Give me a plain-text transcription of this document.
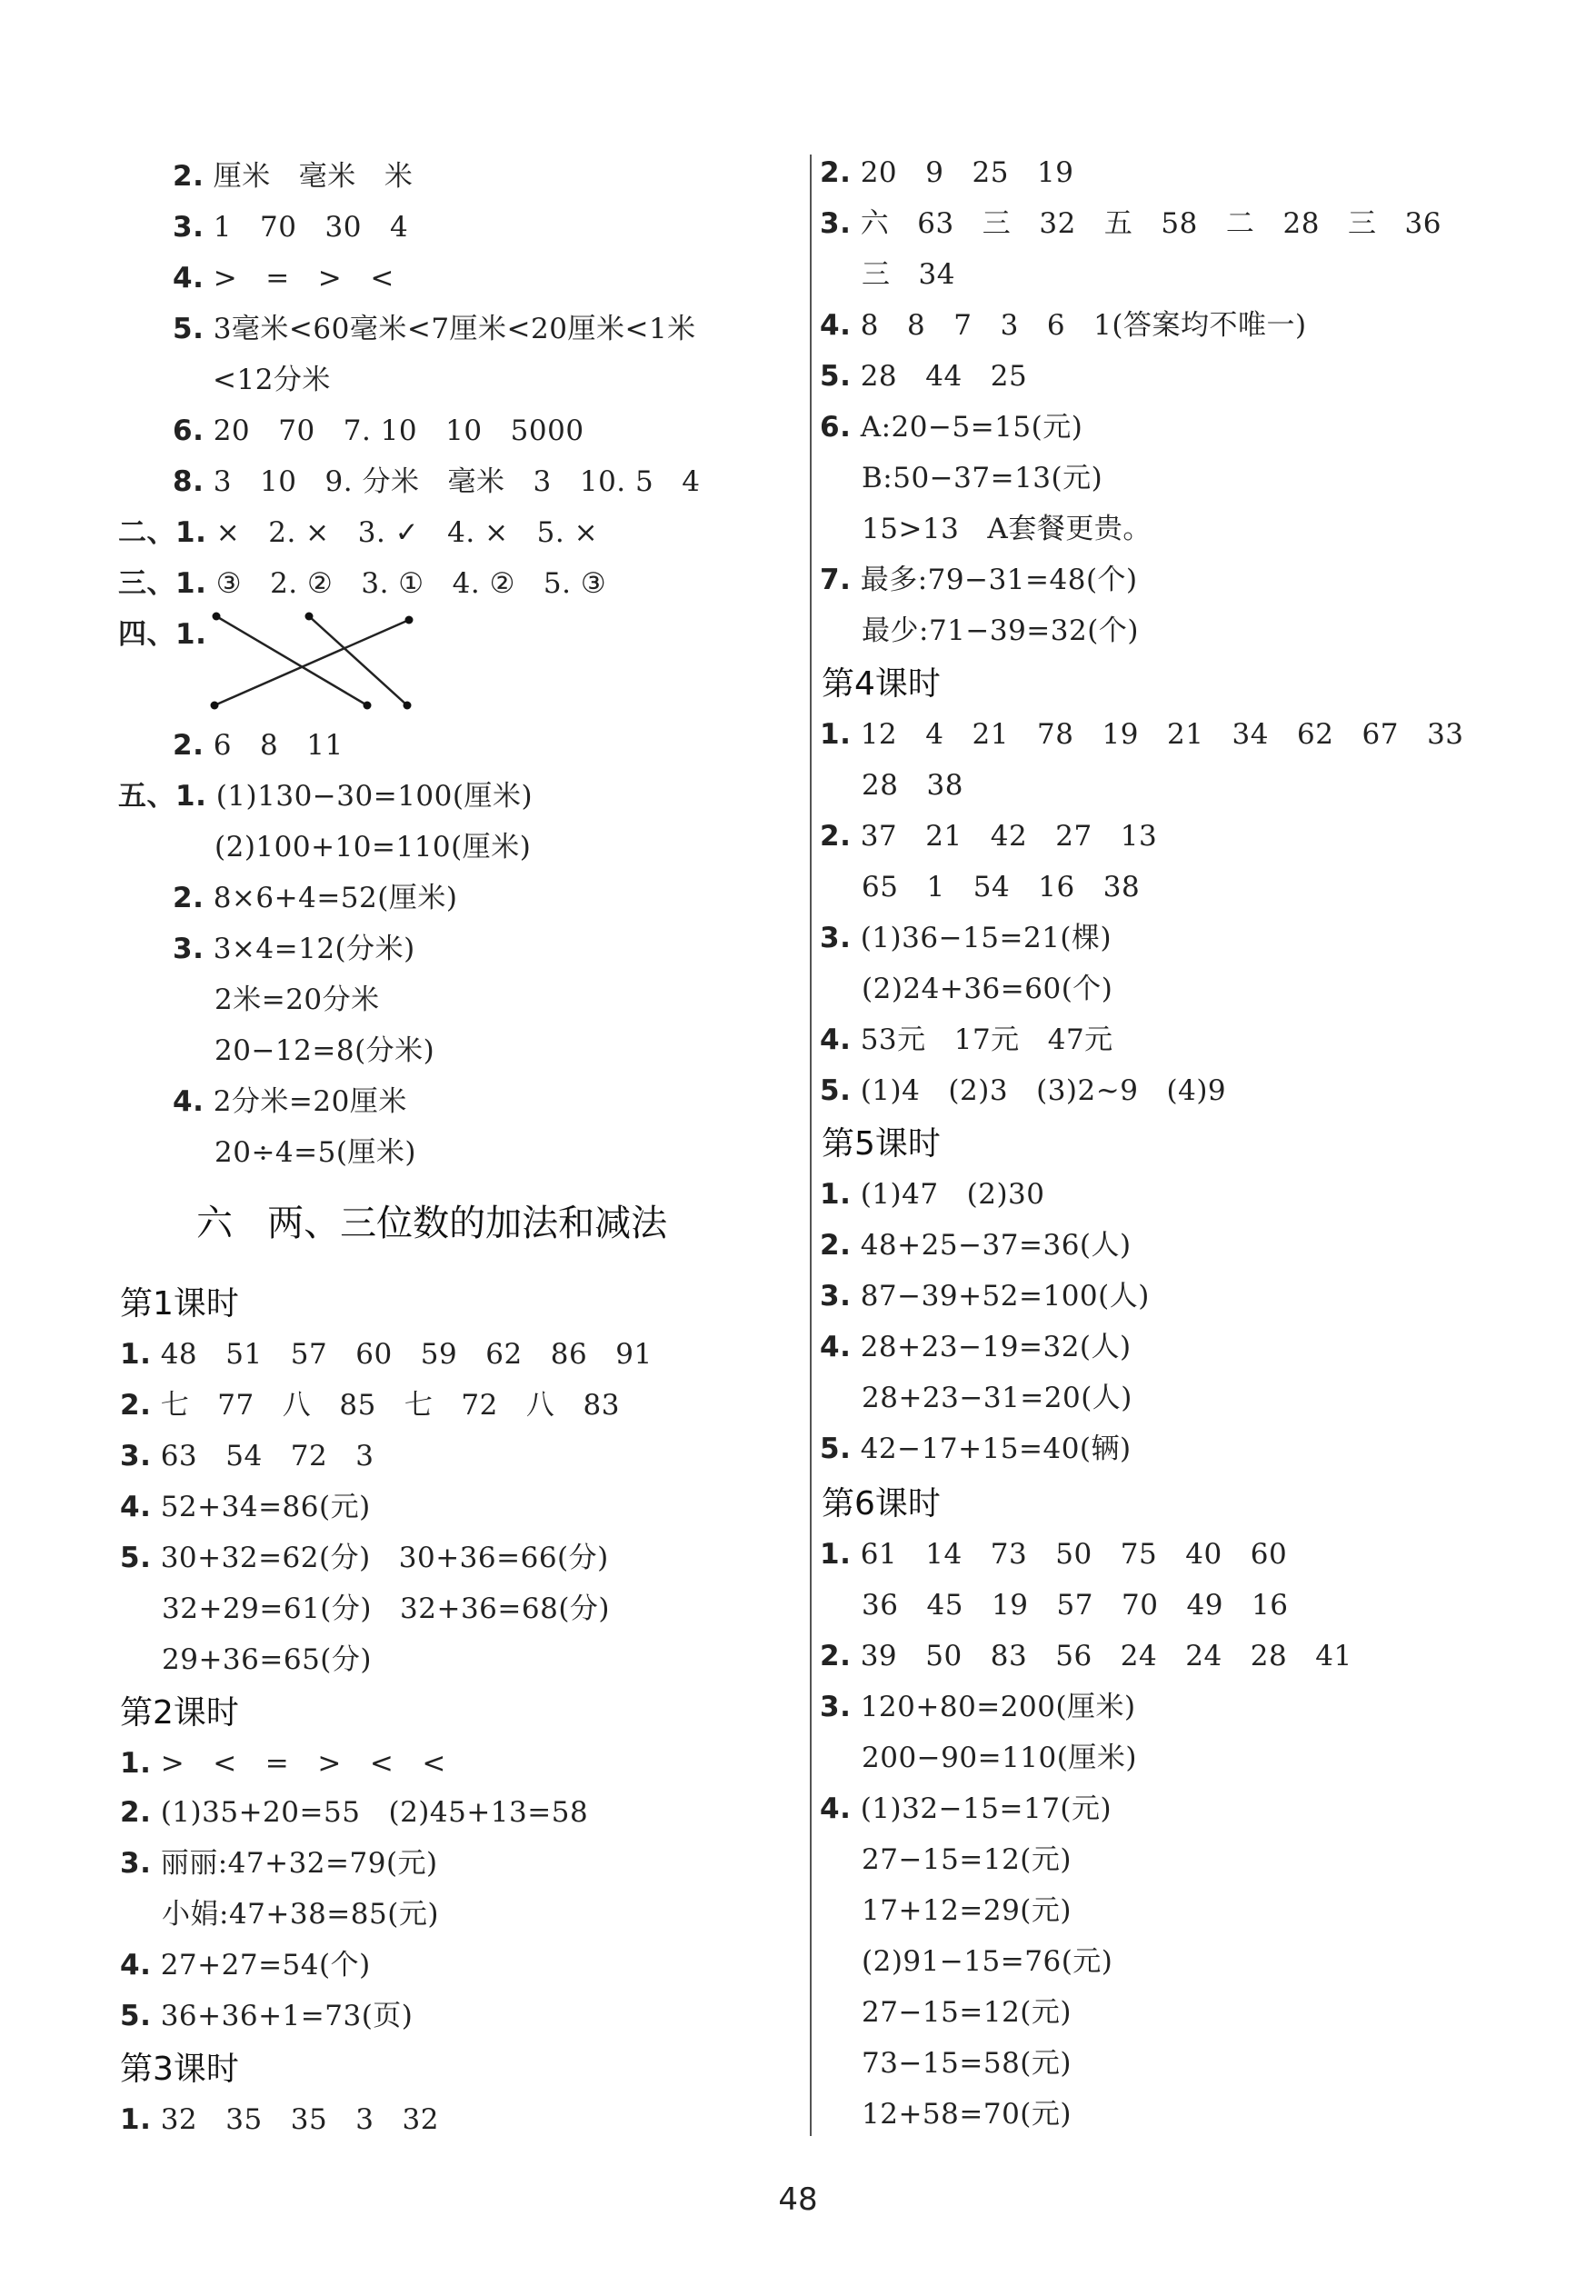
2. 厘米   毫米   米
3. 1   70   30   4
4. >   =   >   <
5. 3毫米<60毫米<7厘米<20厘米<1米
<12分米
6. 20   70   7. 10   10   5000
8. 3   10   9. 分米   毫米   3   10. 5   4
二、1. ×   2. ×   3. ✓   4. ×   5. ×
三、1. ③   2. ②   3. ①   4. ②   5. ③
四、1.
2. 6   8   11
五、1. (1)130−30=100(厘米)
(2)100+10=110(厘米)
2. 8×6+4=52(厘米)
3. 3×4=12(分米)
2米=20分米
20−12=8(分米)
4. 2分米=20厘米
20÷4=5(厘米)
六   两、三位数的加法和减法
第1课时
1. 48   51   57   60   59   62   86   91
2. 七   77   八   85   七   72   八   83
3. 63   54   72   3
4. 52+34=86(元)
5. 30+32=62(分)   30+36=66(分)
32+29=61(分)   32+36=68(分)
29+36=65(分)
第2课时
1. >   <   =   >   <   <
2. (1)35+20=55   (2)45+13=58
3. 丽丽:47+32=79(元)
小娟:47+38=85(元)
4. 27+27=54(个)
5. 36+36+1=73(页)
第3课时
1. 32   35   35   3   32
2. 20   9   25   19
3. 六   63   三   32   五   58   二   28   三   36
三   34
4. 8   8   7   3   6   1(答案均不唯一)
5. 28   44   25
6. A:20−5=15(元)
B:50−37=13(元)
15>13   A套餐更贵。
7. 最多:79−31=48(个)
最少:71−39=32(个)
第4课时
1. 12   4   21   78   19   21   34   62   67   33
28   38
2. 37   21   42   27   13
65   1   54   16   38
3. (1)36−15=21(棵)
(2)24+36=60(个)
4. 53元   17元   47元
5. (1)4   (2)3   (3)2~9   (4)9
第5课时
1. (1)47   (2)30
2. 48+25−37=36(人)
3. 87−39+52=100(人)
4. 28+23−19=32(人)
28+23−31=20(人)
5. 42−17+15=40(辆)
第6课时
1. 61   14   73   50   75   40   60
36   45   19   57   70   49   16
2. 39   50   83   56   24   24   28   41
3. 120+80=200(厘米)
200−90=110(厘米)
4. (1)32−15=17(元)
27−15=12(元)
17+12=29(元)
(2)91−15=76(元)
27−15=12(元)
73−15=58(元)
12+58=70(元)
48
